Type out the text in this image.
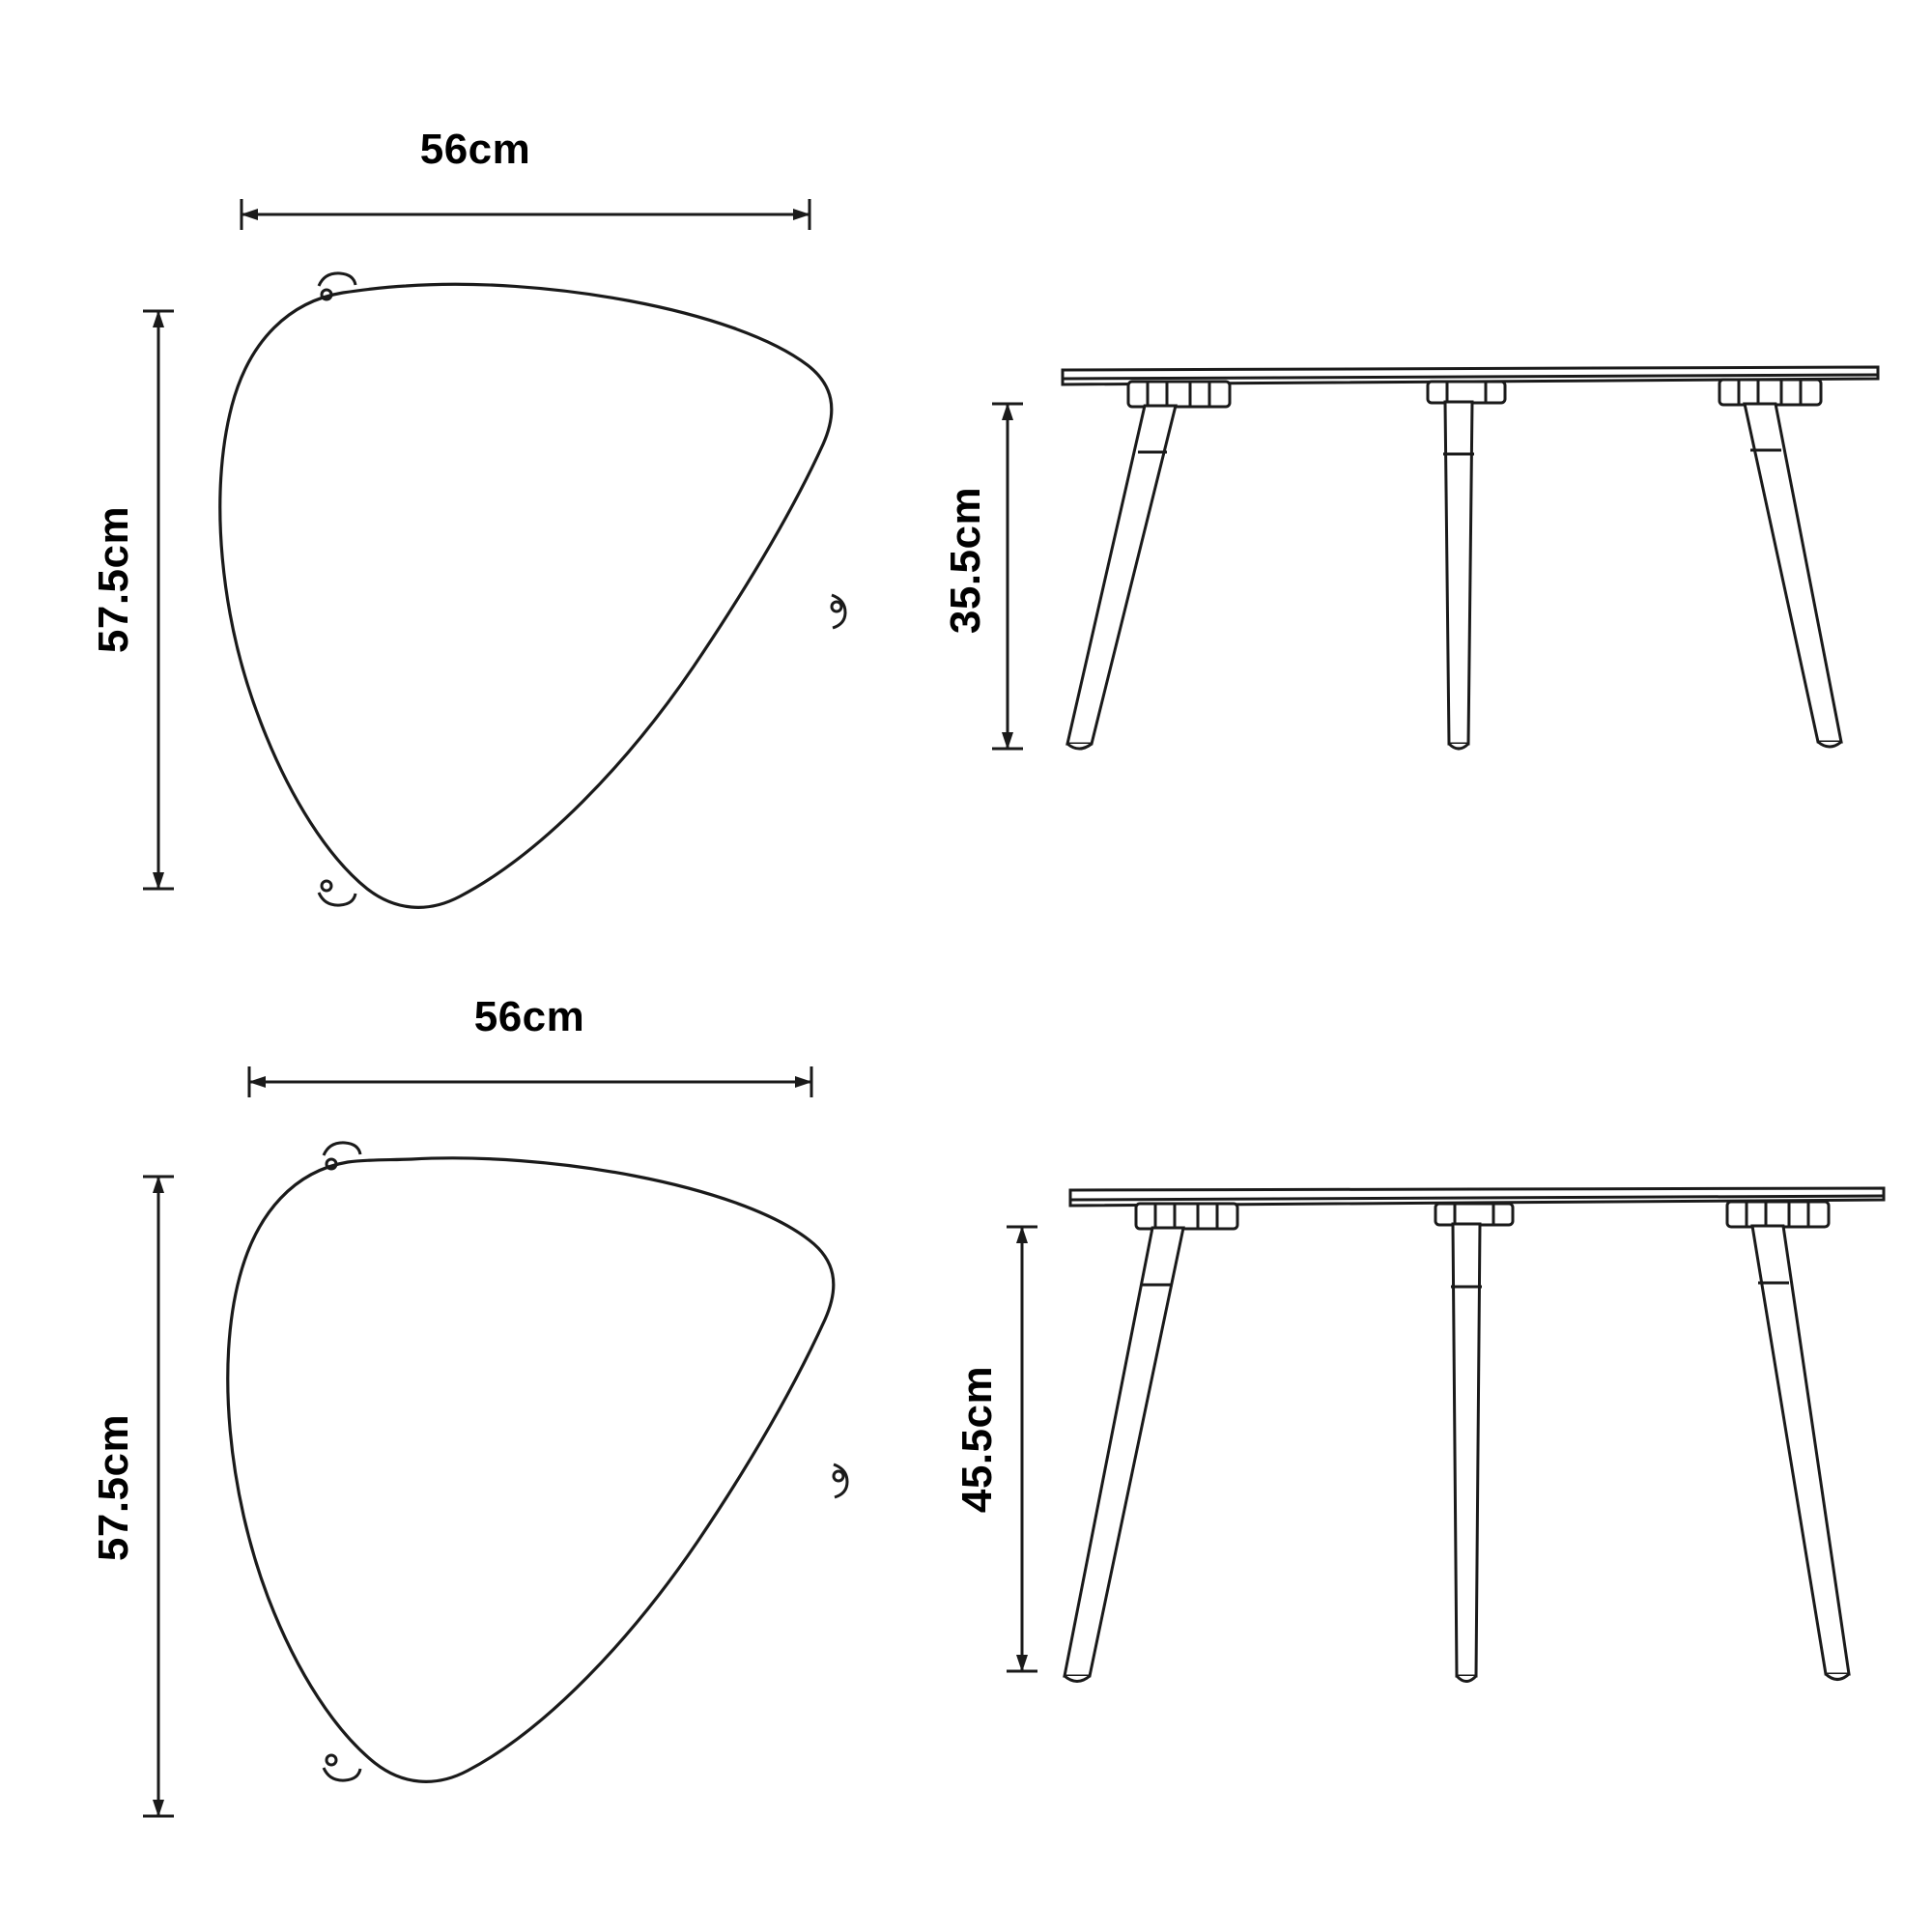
56cm
57.5cm	35.5cm
56cm
57.5cm	45.5cm
